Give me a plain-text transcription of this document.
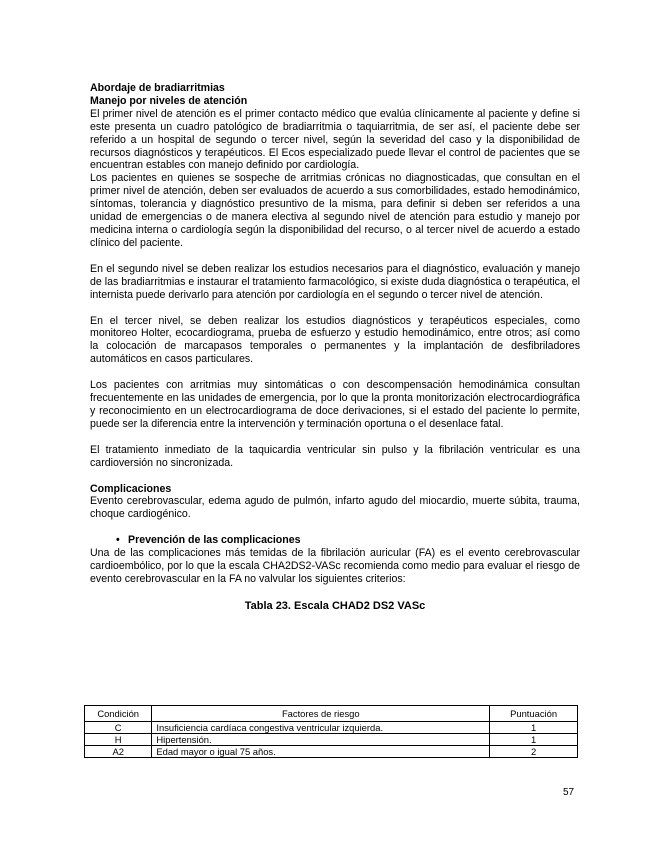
Abordaje de bradiarritmias
Manejo por niveles de atención

El primer nivel de atención es el primer contacto médico que evalúa clínicamente al paciente y define si este presenta un cuadro patológico de bradiarritmia o taquiarritmia, de ser así, el paciente debe ser referido a un hospital de segundo o tercer nivel, según la severidad del caso y la disponibilidad de recursos diagnósticos y terapéuticos. El Ecos especializado puede llevar el control de pacientes que se encuentran estables con manejo definido por cardiología.

Los pacientes en quienes se sospeche de arritmias crónicas no diagnosticadas, que consultan en el primer nivel de atención, deben ser evaluados de acuerdo a sus comorbilidades, estado hemodinámico, síntomas, tolerancia y diagnóstico presuntivo de la misma, para definir si deben ser referidos a una unidad de emergencias o de manera electiva al segundo nivel de atención para estudio y manejo por medicina interna o cardiología según la disponibilidad del recurso, o al tercer nivel de acuerdo a estado clínico del paciente.

En el segundo nivel se deben realizar los estudios necesarios para el diagnóstico, evaluación y manejo de las bradiarritmias e instaurar el tratamiento farmacológico, si existe duda diagnóstica o terapéutica, el internista puede derivarlo para atención por cardiología en el segundo o tercer nivel de atención.

En el tercer nivel, se deben realizar los estudios diagnósticos y terapéuticos especiales, como monitoreo Holter, ecocardiograma, prueba de esfuerzo y estudio hemodinámico, entre otros; así como la colocación de marcapasos temporales o permanentes y la implantación de desfibriladores automáticos en casos particulares.

Los pacientes con arritmias muy sintomáticas o con descompensación hemodinámica consultan frecuentemente en las unidades de emergencia, por lo que la pronta monitorización electrocardiográfica y reconocimiento en un electrocardiograma de doce derivaciones, si el estado del paciente lo permite, puede ser la diferencia entre la intervención y terminación oportuna o el desenlace fatal.

El tratamiento inmediato de la taquicardia ventricular sin pulso y la fibrilación ventricular es una cardioversión no sincronizada.

Complicaciones

Evento cerebrovascular, edema agudo de pulmón, infarto agudo del miocardio, muerte súbita, trauma, choque cardiogénico.

• Prevención de las complicaciones

Una de las complicaciones más temidas de la fibrilación auricular (FA) es el evento cerebrovascular cardioembólico, por lo que la escala CHA2DS2-VASc recomienda como medio para evaluar el riesgo de evento cerebrovascular en la FA no valvular los siguientes criterios:

Tabla 23. Escala CHAD2 DS2 VASc
Condición	Factores de riesgo	Puntuación
C	Insuficiencia cardíaca congestiva ventricular izquierda.	1
H	Hipertensión.	1
A2	Edad mayor o igual 75 años.	2
57
